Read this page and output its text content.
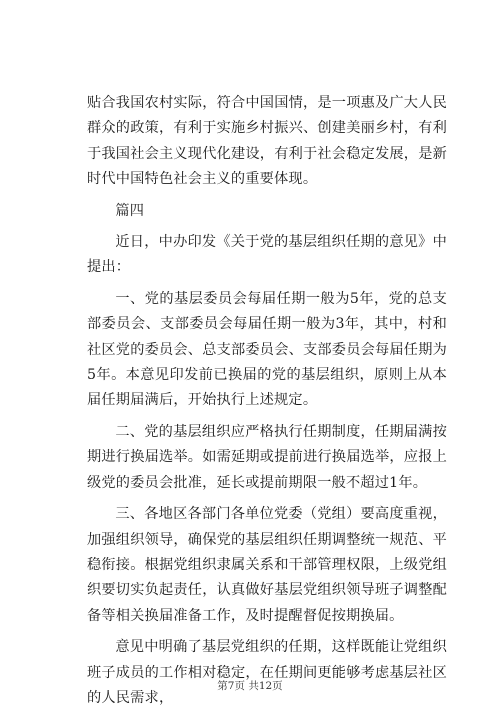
贴合我国农村实际，符合中国国情，是一项惠及广大人民群众的政策，有利于实施乡村振兴、创建美丽乡村，有利于我国社会主义现代化建设，有利于社会稳定发展，是新时代中国特色社会主义的重要体现。

篇四

近日，中办印发《关于党的基层组织任期的意见》中提出：

一、党的基层委员会每届任期一般为5年，党的总支部委员会、支部委员会每届任期一般为3年，其中，村和社区党的委员会、总支部委员会、支部委员会每届任期为5年。本意见印发前已换届的党的基层组织，原则上从本届任期届满后，开始执行上述规定。

二、党的基层组织应严格执行任期制度，任期届满按期进行换届选举。如需延期或提前进行换届选举，应报上级党的委员会批准，延长或提前期限一般不超过1年。

三、各地区各部门各单位党委（党组）要高度重视，加强组织领导，确保党的基层组织任期调整统一规范、平稳衔接。根据党组织隶属关系和干部管理权限，上级党组织要切实负起责任，认真做好基层党组织领导班子调整配备等相关换届准备工作，及时提醒督促按期换届。

意见中明确了基层党组织的任期，这样既能让党组织班子成员的工作相对稳定，在任期间更能够考虑基层社区的人民需求，

第7页 共12页
